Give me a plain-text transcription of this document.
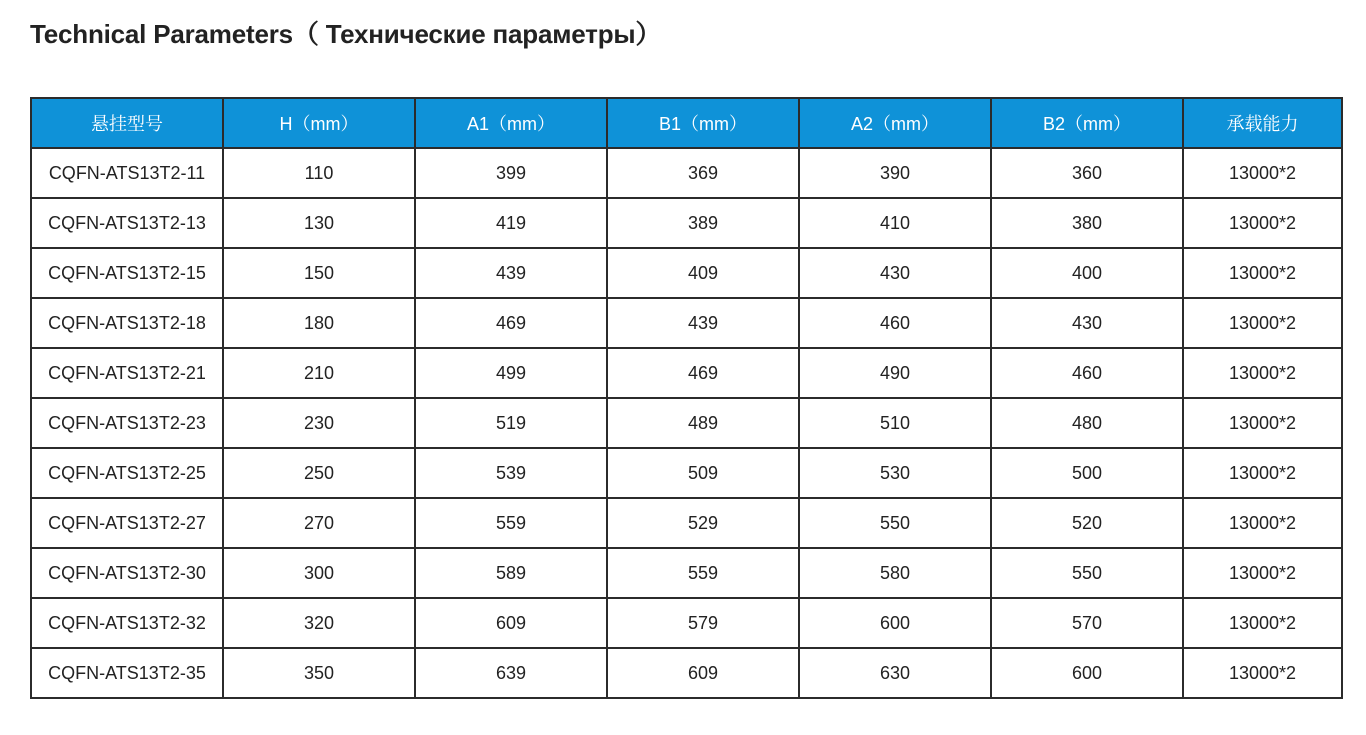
Technical Parameters（ Технические параметры）
悬挂型号	H（mm）	A1（mm）	B1（mm）	A2（mm）	B2（mm）	承载能力
CQFN-ATS13T2-11	110	399	369	390	360	13000*2
CQFN-ATS13T2-13	130	419	389	410	380	13000*2
CQFN-ATS13T2-15	150	439	409	430	400	13000*2
CQFN-ATS13T2-18	180	469	439	460	430	13000*2
CQFN-ATS13T2-21	210	499	469	490	460	13000*2
CQFN-ATS13T2-23	230	519	489	510	480	13000*2
CQFN-ATS13T2-25	250	539	509	530	500	13000*2
CQFN-ATS13T2-27	270	559	529	550	520	13000*2
CQFN-ATS13T2-30	300	589	559	580	550	13000*2
CQFN-ATS13T2-32	320	609	579	600	570	13000*2
CQFN-ATS13T2-35	350	639	609	630	600	13000*2
